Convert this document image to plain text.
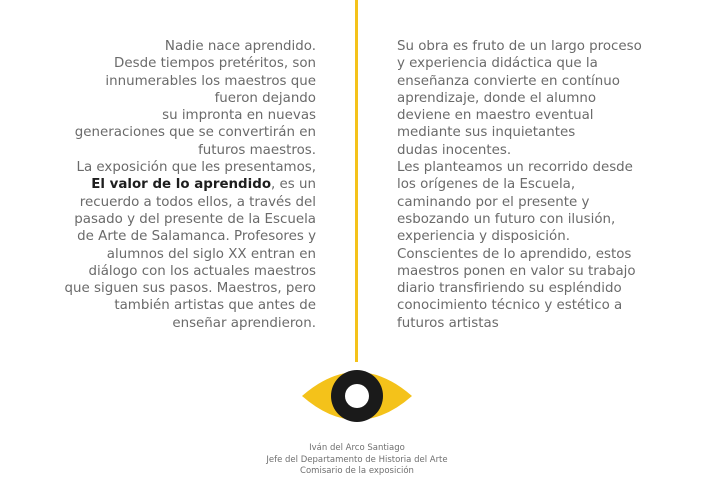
Nadie nace aprendido.
Desde tiempos pretéritos, son
innumerables los maestros que
fueron dejando
su impronta en nuevas
generaciones que se convertirán en
futuros maestros.
La exposición que les presentamos,
El valor de lo aprendido, es un
recuerdo a todos ellos, a través del
pasado y del presente de la Escuela
de Arte de Salamanca. Profesores y
alumnos del siglo XX entran en
diálogo con los actuales maestros
que siguen sus pasos. Maestros, pero
también artistas que antes de
enseñar aprendieron.
Su obra es fruto de un largo proceso
y experiencia didáctica que la
enseñanza convierte en contínuo
aprendizaje, donde el alumno
deviene en maestro eventual
mediante sus inquietantes
dudas inocentes.
Les planteamos un recorrido desde
los orígenes de la Escuela,
caminando por el presente y
esbozando un futuro con ilusión,
experiencia y disposición.
Conscientes de lo aprendido, estos
maestros ponen en valor su trabajo
diario transfiriendo su espléndido
conocimiento técnico y estético a
futuros artistas
Iván del Arco Santiago
Jefe del Departamento de Historia del Arte
Comisario de la exposición
